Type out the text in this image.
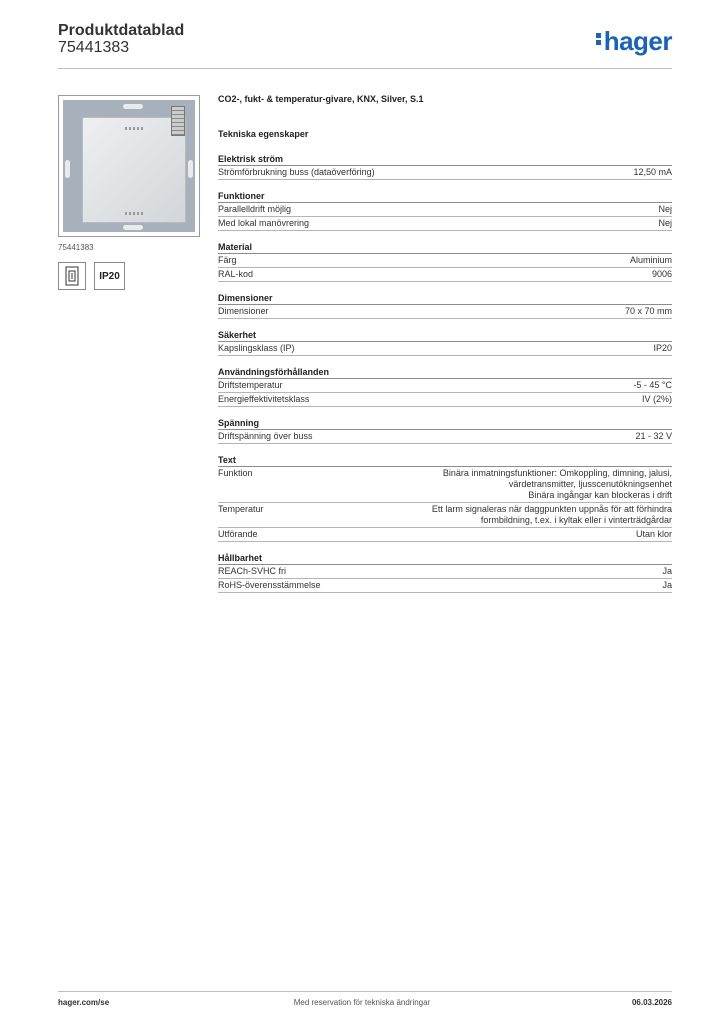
Produktdatablad
75441383	hager
75441383
IP20
CO2-, fukt- & temperatur-givare, KNX, Silver, S.1
Tekniska egenskaper
Elektrisk ström
Strömförbrukning buss (dataöverföring)	12,50 mA
Funktioner
Parallelldrift möjlig	Nej
Med lokal manövrering	Nej
Material
Färg	Aluminium
RAL-kod	9006
Dimensioner
Dimensioner	70 x 70 mm
Säkerhet
Kapslingsklass (IP)	IP20
Användningsförhållanden
Driftstemperatur	-5 - 45 °C
Energieffektivitetsklass	IV (2%)
Spänning
Driftspänning över buss	21 - 32 V
Text
Funktion	Binära inmatningsfunktioner: Omkoppling, dimning, jalusi,
värdetransmitter, ljusscenutökningsenhet
Binära ingångar kan blockeras i drift
Temperatur	Ett larm signaleras när daggpunkten uppnås för att förhindra
formbildning, t.ex. i kyltak eller i vinterträdgårdar
Utförande	Utan klor
Hållbarhet
REACh-SVHC fri	Ja
RoHS-överensstämmelse	Ja
hager.com/se	Med reservation för tekniska ändringar	06.03.2026
